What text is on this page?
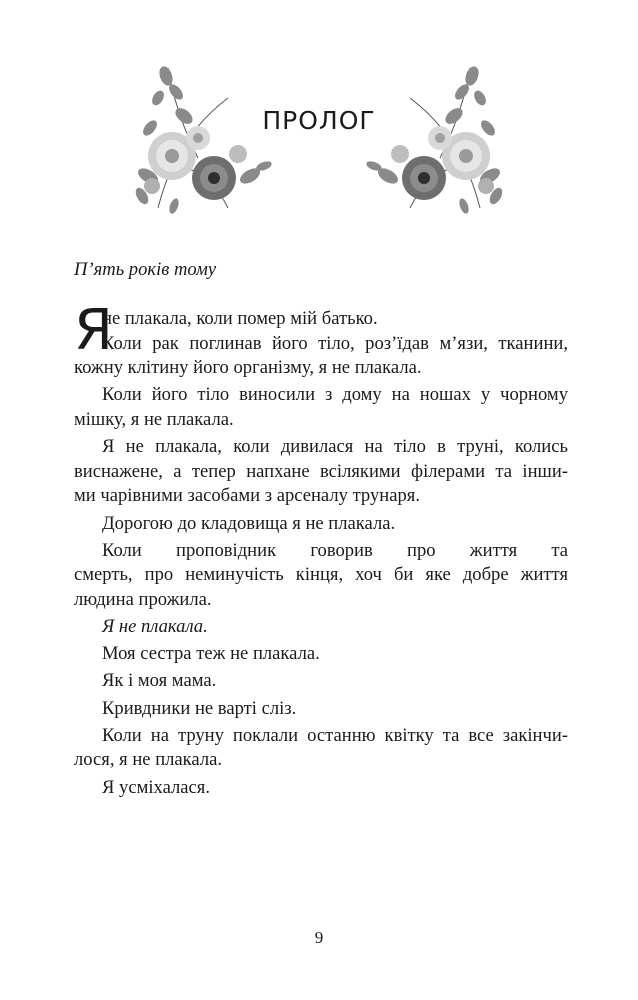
ПРОЛОГ
П’ять років тому
Я
не плакала, коли помер мій батько.
Коли рак поглинав його тіло, роз’їдав м’язи, тканини,
кожну клітину його організму, я не плакала.
Коли його тіло виносили з дому на ношах у чорному
мішку, я не плакала.
Я не плакала, коли дивилася на тіло в труні, колись
виснажене, а тепер напхане всілякими філерами та інши-
ми чарівними засобами з арсеналу трунаря.
Дорогою до кладовища я не плакала.
Коли проповідник говорив про життя та
смерть, про неминучість кінця, хоч би яке добре життя
людина прожила.
Я не плакала.
Моя сестра теж не плакала.
Як і моя мама.
Кривдники не варті сліз.
Коли на труну поклали останню квітку та все закінчи-
лося, я не плакала.
Я усміхалася.
9
